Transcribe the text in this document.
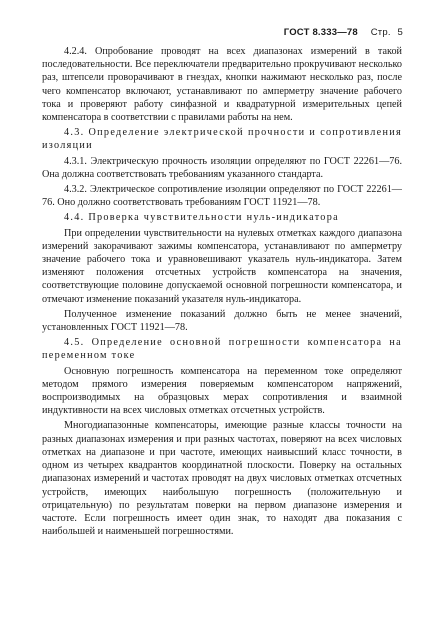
ГОСТ 8.333—78 Стр. 5

4.2.4. Опробование проводят на всех диапазонах измерений в такой последовательности. Все переключатели предварительно прокручивают несколько раз, штепсели проворачивают в гнездах, кнопки нажимают несколько раз, после чего компенсатор включают, устанавливают по амперметру значение рабочего тока и проверяют работу синфазной и квадратурной измерительных цепей компенсатора в соответствии с правилами работы на нем.

4.3. Определение электрической прочности и сопротивления изоляции

4.3.1. Электрическую прочность изоляции определяют по ГОСТ 22261—76. Она должна соответствовать требованиям указанного стандарта.

4.3.2. Электрическое сопротивление изоляции определяют по ГОСТ 22261—76. Оно должно соответствовать требованиям ГОСТ 11921—78.

4.4. Проверка чувствительности нуль-индикатора

При определении чувствительности на нулевых отметках каждого диапазона измерений закорачивают зажимы компенсатора, устанавливают по амперметру значение рабочего тока и уравновешивают указатель нуль-индикатора. Затем изменяют положения отсчетных устройств компенсатора на значения, соответствующие половине допускаемой основной погрешности компенсатора, и отмечают изменение показаний указателя нуль-индикатора.

Полученное изменение показаний должно быть не менее значений, установленных ГОСТ 11921—78.

4.5. Определение основной погрешности компенсатора на переменном токе

Основную погрешность компенсатора на переменном токе определяют методом прямого измерения поверяемым компенсатором напряжений, воспроизводимых на образцовых мерах сопротивления и взаимной индуктивности на всех числовых отметках отсчетных устройств.

Многодиапазонные компенсаторы, имеющие разные классы точности на разных диапазонах измерения и при разных частотах, поверяют на всех числовых отметках на диапазоне и при частоте, имеющих наивысший класс точности, в одном из четырех квадрантов координатной плоскости. Поверку на остальных диапазонах измерений и частотах проводят на двух числовых отметках отсчетных устройств, имеющих наибольшую погрешность (положительную и отрицательную) по результатам поверки на первом диапазоне измерения и частоте. Если погрешность имеет один знак, то находят два показания с наибольшей и наименьшей погрешностями.
